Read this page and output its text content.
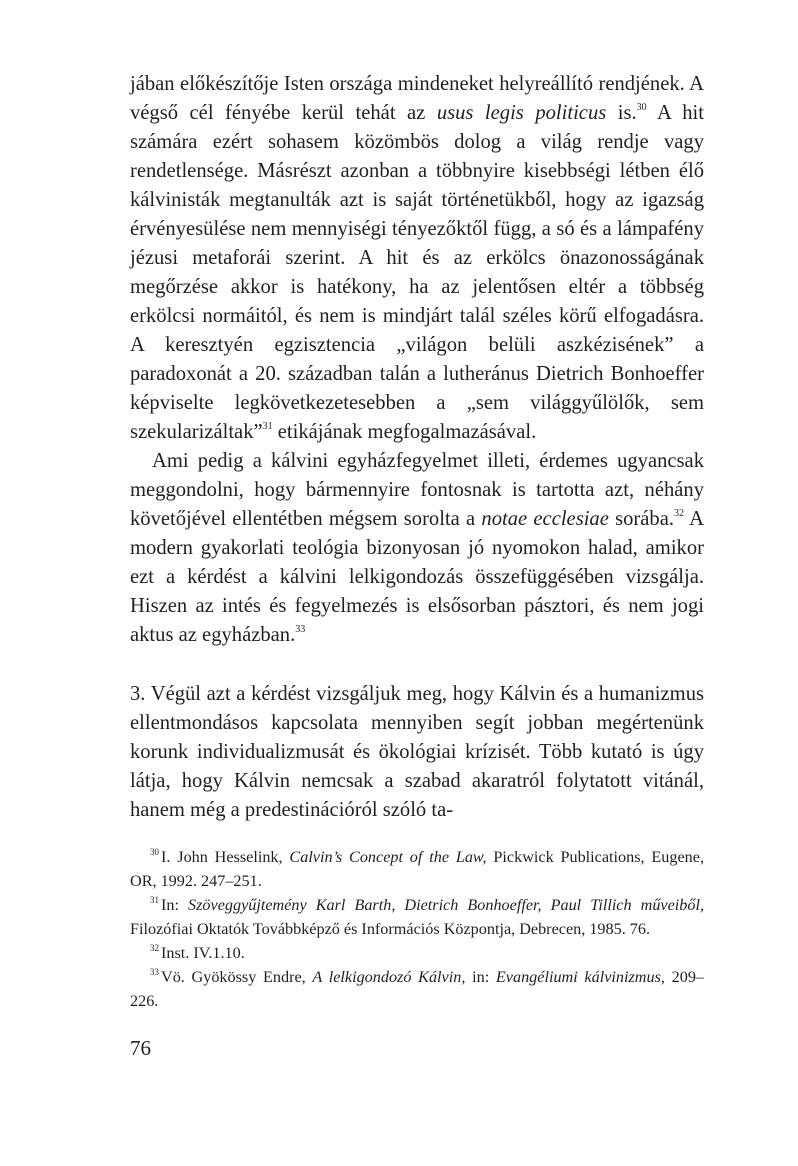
jában előkészítője Isten országa mindeneket helyreállító rendjének. A végső cél fényébe kerül tehát az usus legis politicus is.$^{30}$ A hit számára ezért sohasem közömbös dolog a világ rendje vagy rendetlensége. Másrészt azonban a többnyire kisebbségi létben élő kálvinisták megtanulták azt is saját történetükből, hogy az igazság érvényesülése nem mennyiségi tényezőktől függ, a só és a lámpafény jézusi metaforái szerint. A hit és az erkölcs önazonosságának megőrzése akkor is hatékony, ha az jelentősen eltér a többség erkölcsi normáitól, és nem is mindjárt talál széles körű elfogadásra. A keresztyén egzisztencia „világon belüli aszkézisének” a paradoxonát a 20. században talán a lutheránus Dietrich Bonhoeffer képviselte legkövetkezetesebben a „sem világgyűlölők, sem szekularizáltak”$^{31}$ etikájának megfogalmazásával.

Ami pedig a kálvini egyházfegyelmet illeti, érdemes ugyancsak meggondolni, hogy bármennyire fontosnak is tartotta azt, néhány követőjével ellentétben mégsem sorolta a notae ecclesiae sorába.$^{32}$ A modern gyakorlati teológia bizonyosan jó nyomokon halad, amikor ezt a kérdést a kálvini lelkigondozás összefüggésében vizsgálja. Hiszen az intés és fegyelmezés is elsősorban pásztori, és nem jogi aktus az egyházban.$^{33}$

3. Végül azt a kérdést vizsgáljuk meg, hogy Kálvin és a humanizmus ellentmondásos kapcsolata mennyiben segít jobban megértenünk korunk individualizmusát és ökológiai krízisét. Több kutató is úgy látja, hogy Kálvin nemcsak a szabad akaratról folytatott vitánál, hanem még a predestinációról szóló ta-

$^{30}$ I. John Hesselink, Calvin’s Concept of the Law, Pickwick Publications, Eugene, OR, 1992. 247–251.

$^{31}$ In: Szöveggyűjtemény Karl Barth, Dietrich Bonhoeffer, Paul Tillich műveiből, Filozófiai Oktatók Továbbképző és Információs Központja, Debrecen, 1985. 76.

$^{32}$ Inst. IV.1.10.

$^{33}$ Vö. Gyökössy Endre, A lelkigondozó Kálvin, in: Evangéliumi kálvinizmus, 209–226.

76
